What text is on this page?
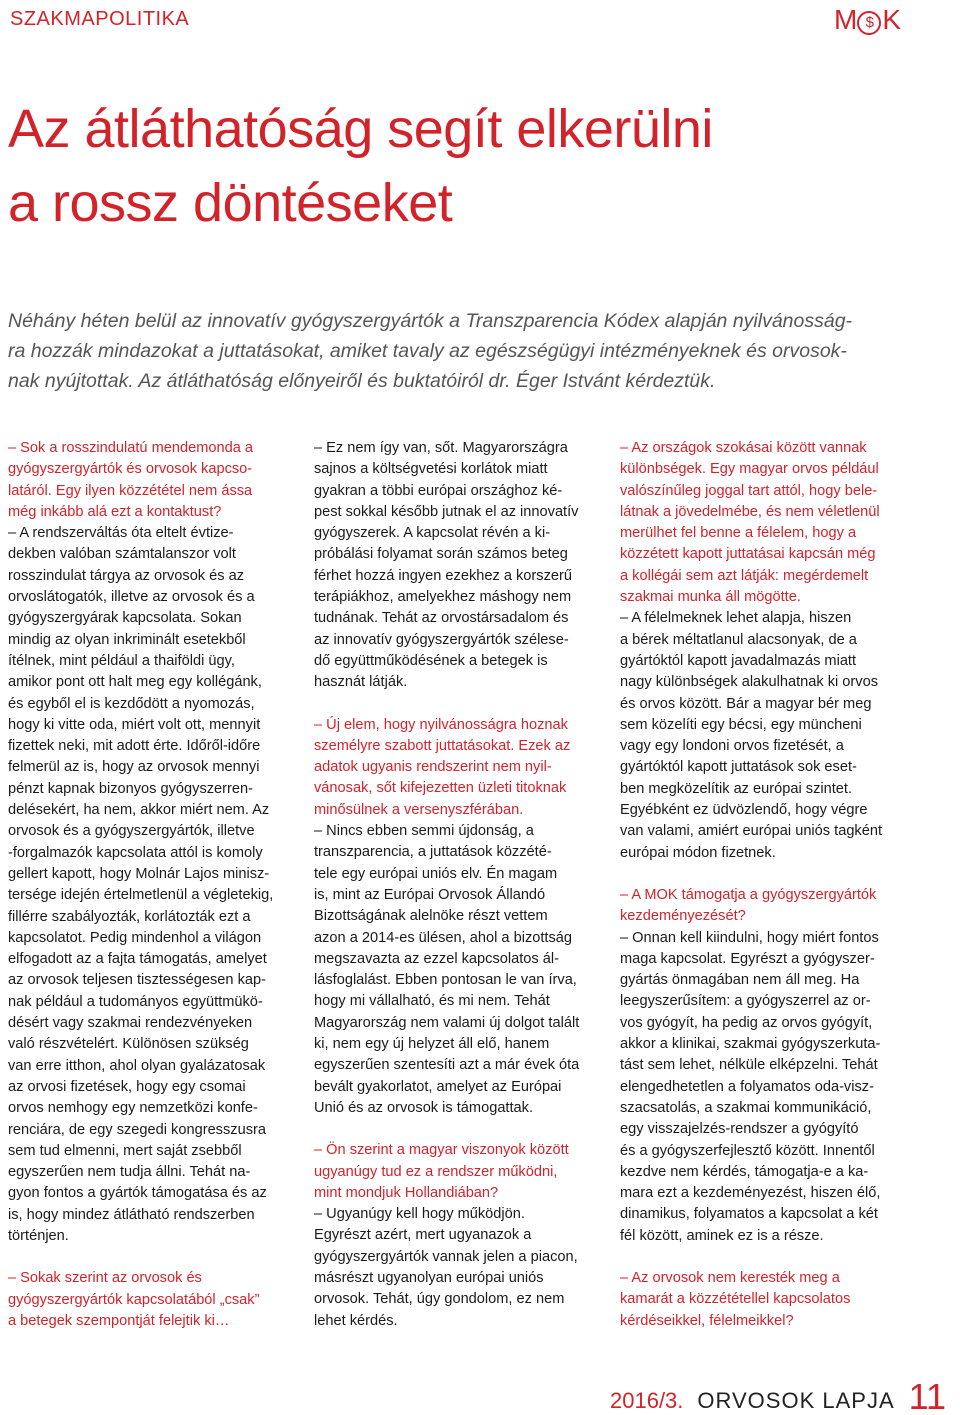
SZAKMAPOLITIKA	M $ K
Az átláthatóság segít elkerülni
a rossz döntéseket
Néhány héten belül az innovatív gyógyszergyártók a Transzparencia Kódex alapján nyilvánosság-
ra hozzák mindazokat a juttatásokat, amiket tavaly az egészségügyi intézményeknek és orvosok-
nak nyújtottak. Az átláthatóság előnyeiről és buktatóiról dr. Éger Istvánt kérdeztük.
– Sok a rosszindulatú mendemonda a
gyógyszergyártók és orvosok kapcso-
latáról. Egy ilyen közzététel nem ássa
még inkább alá ezt a kontaktust?
– A rendszerváltás óta eltelt évtize-
dekben valóban számtalanszor volt
rosszindulat tárgya az orvosok és az
orvoslátogatók, illetve az orvosok és a
gyógyszergyárak kapcsolata. Sokan
mindig az olyan inkriminált esetekből
ítélnek, mint például a thaiföldi ügy,
amikor pont ott halt meg egy kollégánk,
és egyből el is kezdődött a nyomozás,
hogy ki vitte oda, miért volt ott, mennyit
fizettek neki, mit adott érte. Időről-időre
felmerül az is, hogy az orvosok mennyi
pénzt kapnak bizonyos gyógyszerren-
delésekért, ha nem, akkor miért nem. Az
orvosok és a gyógyszergyártók, illetve
-forgalmazók kapcsolata attól is komoly
gellert kapott, hogy Molnár Lajos minisz-
tersége idején értelmetlenül a végletekig,
fillérre szabályozták, korlátozták ezt a
kapcsolatot. Pedig mindenhol a világon
elfogadott az a fajta támogatás, amelyet
az orvosok teljesen tisztességesen kap-
nak például a tudományos együttmükö-
désért vagy szakmai rendezvényeken
való részvételért. Különösen szükség
van erre itthon, ahol olyan gyalázatosak
az orvosi fizetések, hogy egy csomai
orvos nemhogy egy nemzetközi konfe-
renciára, de egy szegedi kongresszusra
sem tud elmenni, mert saját zsebből
egyszerűen nem tudja állni. Tehát na-
gyon fontos a gyártók támogatása és az
is, hogy mindez átlátható rendszerben
történjen.
– Sokak szerint az orvosok és
gyógyszergyártók kapcsolatából „csak”
a betegek szempontját felejtik ki…
– Ez nem így van, sőt. Magyarországra
sajnos a költségvetési korlátok miatt
gyakran a többi európai országhoz ké-
pest sokkal később jutnak el az innovatív
gyógyszerek. A kapcsolat révén a ki-
próbálási folyamat során számos beteg
férhet hozzá ingyen ezekhez a korszerű
terápiákhoz, amelyekhez máshogy nem
tudnának. Tehát az orvostársadalom és
az innovatív gyógyszergyártók szélese-
dő együttműködésének a betegek is
hasznát látják.
– Új elem, hogy nyilvánosságra hoznak
személyre szabott juttatásokat. Ezek az
adatok ugyanis rendszerint nem nyil-
vánosak, sőt kifejezetten üzleti titoknak
minősülnek a versenyszférában.
– Nincs ebben semmi újdonság, a
transzparencia, a juttatások közzété-
tele egy európai uniós elv. Én magam
is, mint az Európai Orvosok Állandó
Bizottságának alelnöke részt vettem
azon a 2014-es ülésen, ahol a bizottság
megszavazta az ezzel kapcsolatos ál-
lásfoglalást. Ebben pontosan le van írva,
hogy mi vállalható, és mi nem. Tehát
Magyarország nem valami új dolgot talált
ki, nem egy új helyzet áll elő, hanem
egyszerűen szentesíti azt a már évek óta
bevált gyakorlatot, amelyet az Európai
Unió és az orvosok is támogattak.
– Ön szerint a magyar viszonyok között
ugyanúgy tud ez a rendszer működni,
mint mondjuk Hollandiában?
– Ugyanúgy kell hogy működjön.
Egyrészt azért, mert ugyanazok a
gyógyszergyártók vannak jelen a piacon,
másrészt ugyanolyan európai uniós
orvosok. Tehát, úgy gondolom, ez nem
lehet kérdés.
– Az országok szokásai között vannak
különbségek. Egy magyar orvos például
valószínűleg joggal tart attól, hogy bele-
látnak a jövedelmébe, és nem véletlenül
merülhet fel benne a félelem, hogy a
közzétett kapott juttatásai kapcsán még
a kollégái sem azt látják: megérdemelt
szakmai munka áll mögötte.
– A félelmeknek lehet alapja, hiszen
a bérek méltatlanul alacsonyak, de a
gyártóktól kapott javadalmazás miatt
nagy különbségek alakulhatnak ki orvos
és orvos között. Bár a magyar bér meg
sem közelíti egy bécsi, egy müncheni
vagy egy londoni orvos fizetését, a
gyártóktól kapott juttatások sok eset-
ben megközelítik az európai szintet.
Egyébként ez üdvözlendő, hogy végre
van valami, amiért európai uniós tagként
európai módon fizetnek.
– A MOK támogatja a gyógyszergyártók
kezdeményezését?
– Onnan kell kiindulni, hogy miért fontos
maga kapcsolat. Egyrészt a gyógyszer-
gyártás önmagában nem áll meg. Ha
leegyszerűsítem: a gyógyszerrel az or-
vos gyógyít, ha pedig az orvos gyógyít,
akkor a klinikai, szakmai gyógyszerkuta-
tást sem lehet, nélküle elképzelni. Tehát
elengedhetetlen a folyamatos oda-visz-
szacsatolás, a szakmai kommunikáció,
egy visszajelzés-rendszer a gyógyító
és a gyógyszerfejlesztő között. Innentől
kezdve nem kérdés, támogatja-e a ka-
mara ezt a kezdeményezést, hiszen élő,
dinamikus, folyamatos a kapcsolat a két
fél között, aminek ez is a része.
– Az orvosok nem keresték meg a
kamarát a közzététellel kapcsolatos
kérdéseikkel, félelmeikkel?
2016/3. ORVOSOK LAPJA 11
